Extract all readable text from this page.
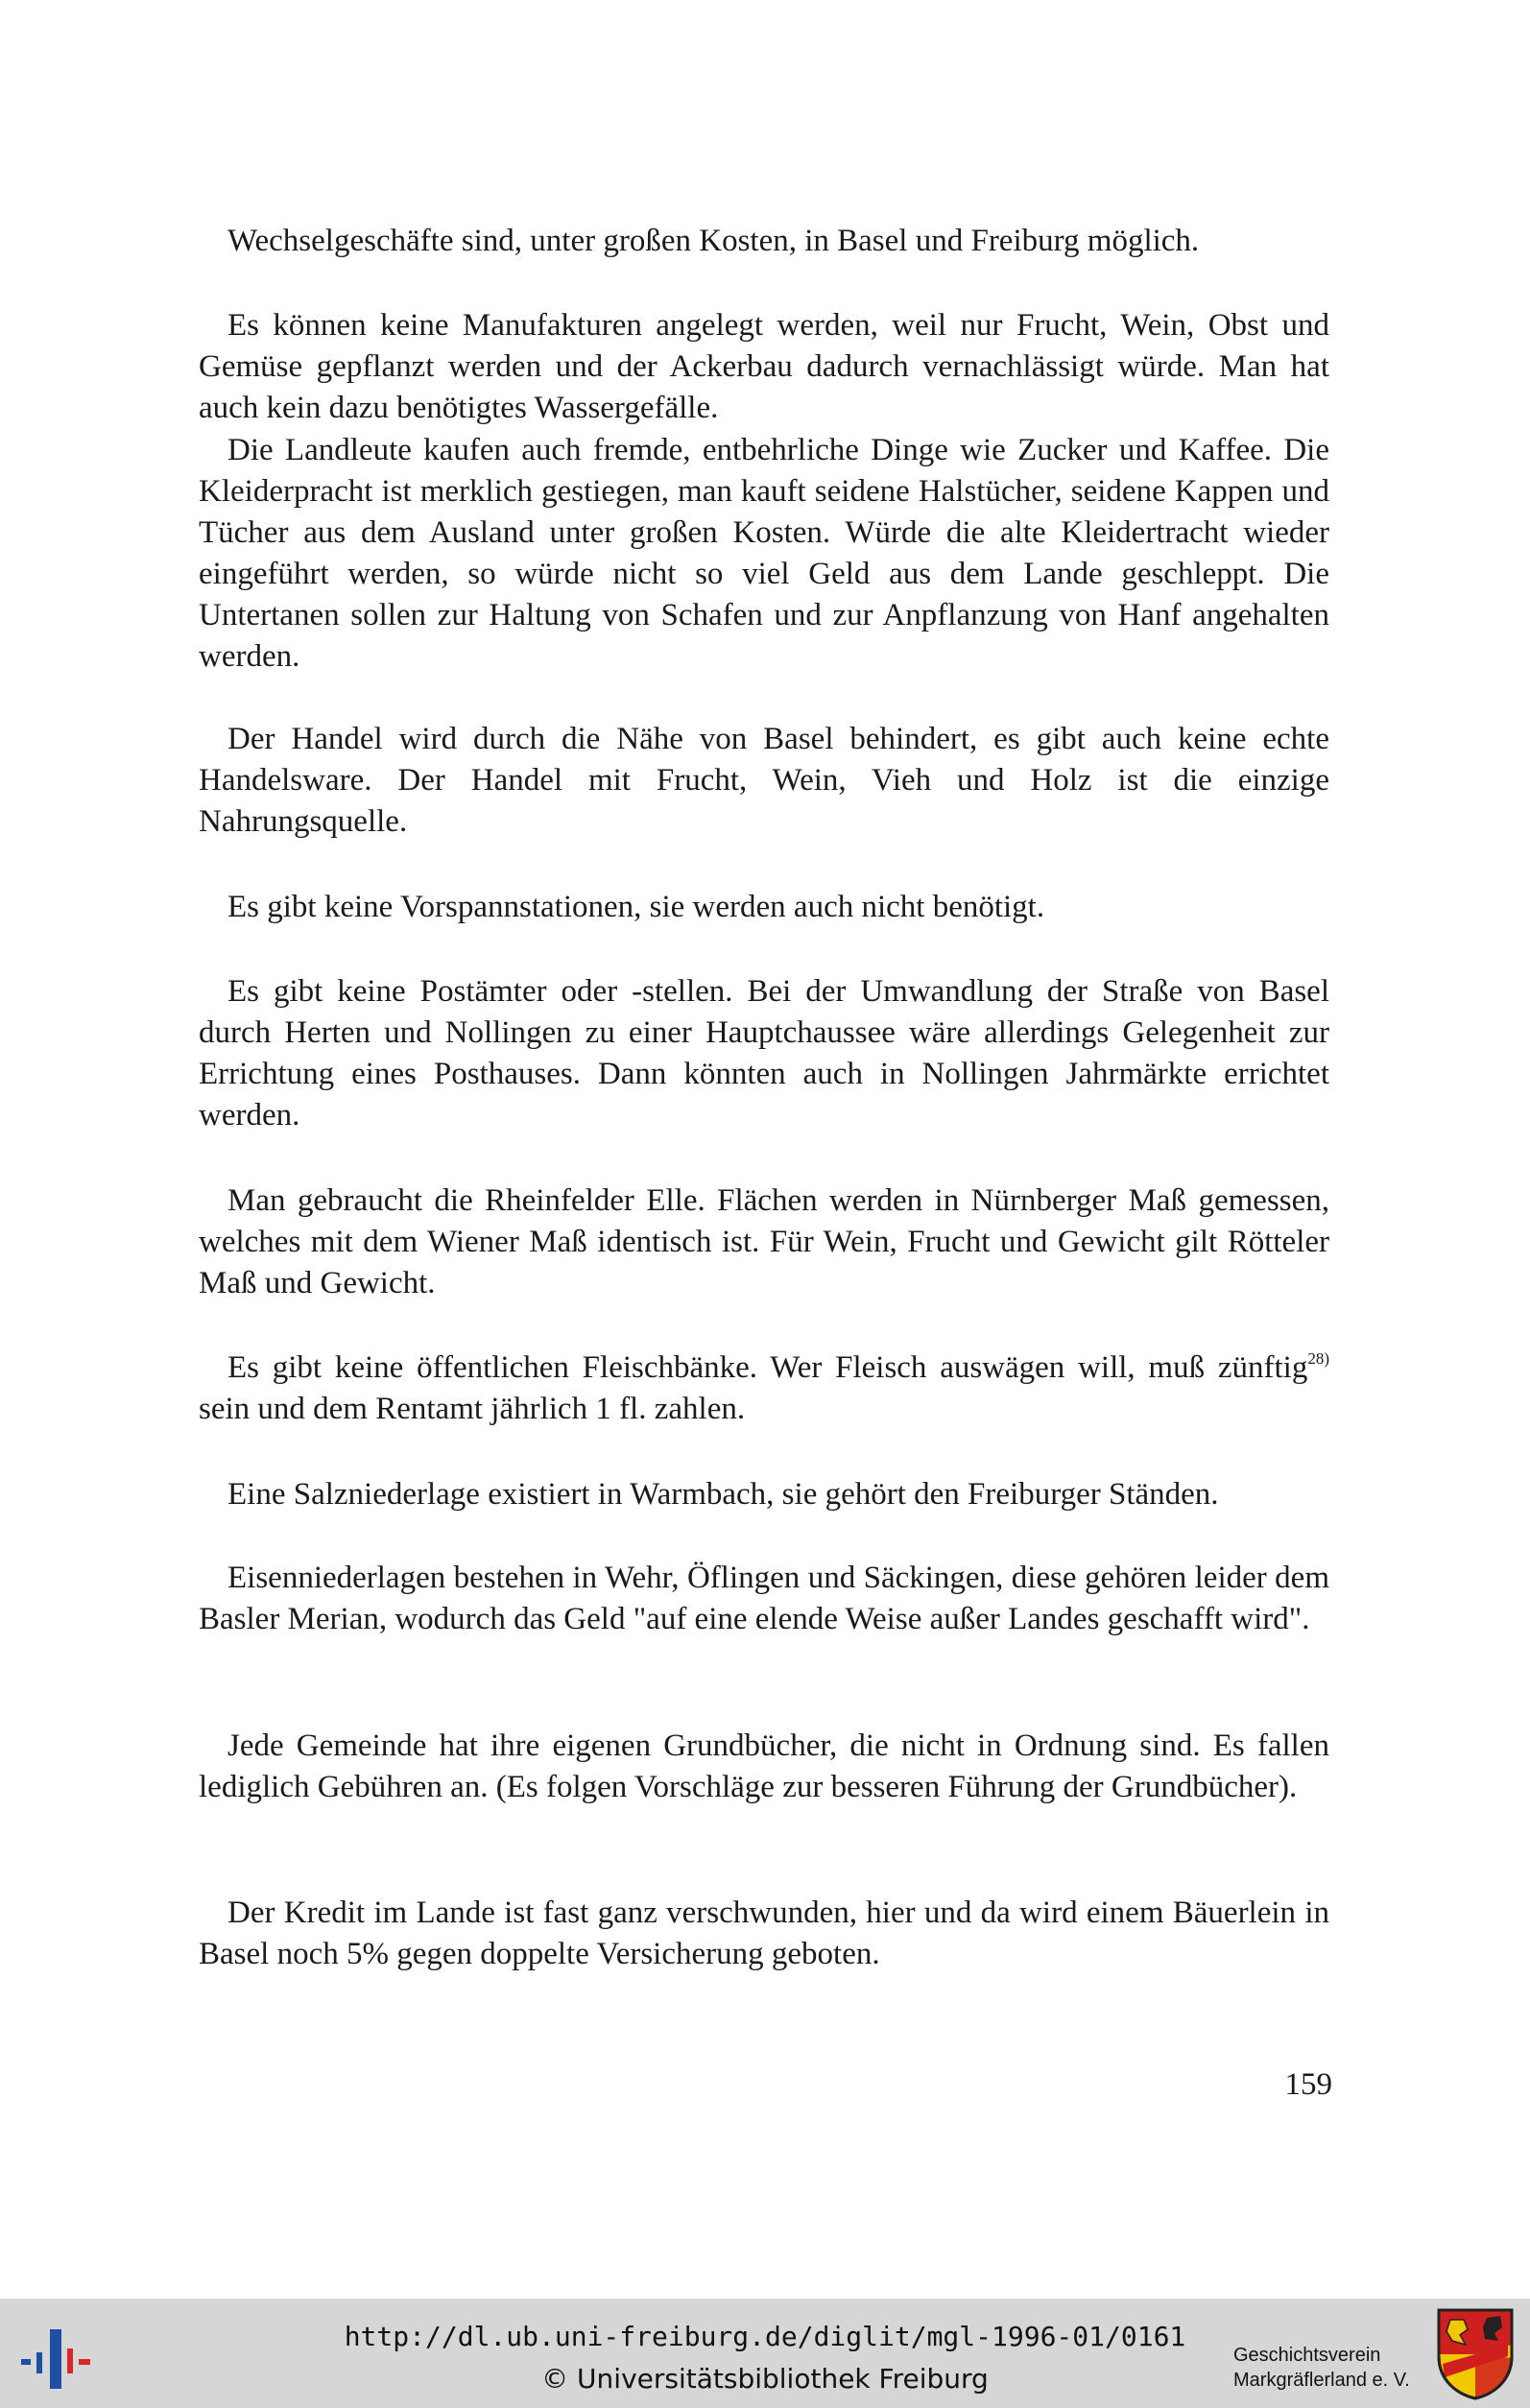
Wechselgeschäfte sind, unter großen Kosten, in Basel und Freiburg möglich.

Es können keine Manufakturen angelegt werden, weil nur Frucht, Wein, Obst und Gemüse gepflanzt werden und der Ackerbau dadurch vernachlässigt würde. Man hat auch kein dazu benötigtes Wassergefälle.

Die Landleute kaufen auch fremde, entbehrliche Dinge wie Zucker und Kaffee. Die Kleiderpracht ist merklich gestiegen, man kauft seidene Halstücher, seidene Kappen und Tücher aus dem Ausland unter großen Kosten. Würde die alte Kleidertracht wieder eingeführt werden, so würde nicht so viel Geld aus dem Lande geschleppt. Die Untertanen sollen zur Haltung von Schafen und zur Anpflanzung von Hanf angehalten werden.

Der Handel wird durch die Nähe von Basel behindert, es gibt auch keine echte Handelsware. Der Handel mit Frucht, Wein, Vieh und Holz ist die einzige Nahrungsquelle.

Es gibt keine Vorspannstationen, sie werden auch nicht benötigt.

Es gibt keine Postämter oder -stellen. Bei der Umwandlung der Straße von Basel durch Herten und Nollingen zu einer Hauptchaussee wäre allerdings Gelegenheit zur Errichtung eines Posthauses. Dann könnten auch in Nollingen Jahrmärkte errichtet werden.

Man gebraucht die Rheinfelder Elle. Flächen werden in Nürnberger Maß gemessen, welches mit dem Wiener Maß identisch ist. Für Wein, Frucht und Gewicht gilt Rötteler Maß und Gewicht.

Es gibt keine öffentlichen Fleischbänke. Wer Fleisch auswägen will, muß zünftig$^{28)}$ sein und dem Rentamt jährlich 1 fl. zahlen.

Eine Salzniederlage existiert in Warmbach, sie gehört den Freiburger Ständen.

Eisenniederlagen bestehen in Wehr, Öflingen und Säckingen, diese gehören leider dem Basler Merian, wodurch das Geld "auf eine elende Weise außer Landes geschafft wird".

Jede Gemeinde hat ihre eigenen Grundbücher, die nicht in Ordnung sind. Es fallen lediglich Gebühren an. (Es folgen Vorschläge zur besseren Führung der Grundbücher).

Der Kredit im Lande ist fast ganz verschwunden, hier und da wird einem Bäuerlein in Basel noch 5% gegen doppelte Versicherung geboten.

159
http://dl.ub.uni-freiburg.de/diglit/mgl-1996-01/0161
© Universitätsbibliothek Freiburg
Geschichtsverein
Markgräflerland e. V.
